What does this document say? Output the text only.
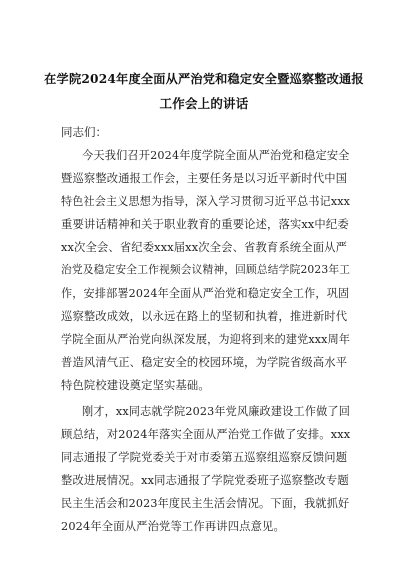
在学院2024年度全面从严治党和稳定安全暨巡察整改通报
工作会上的讲话
同志们：
今天我们召开2024年度学院全面从严治党和稳定安全
暨巡察整改通报工作会，主要任务是以习近平新时代中国
特色社会主义思想为指导，深入学习贯彻习近平总书记xxx
重要讲话精神和关于职业教育的重要论述，落实xx中纪委
xx次全会、省纪委xxx届xx次全会、省教育系统全面从严
治党及稳定安全工作视频会议精神，回顾总结学院2023年工
作，安排部署2024年全面从严治党和稳定安全工作，巩固
巡察整改成效，以永远在路上的坚韧和执着，推进新时代
学院全面从严治党向纵深发展，为迎将到来的建党xxx周年
普造风清气正、稳定安全的校园环境，为学院省级高水平
特色院校建设奠定坚实基础。
刚才，xx同志就学院2023年党风廉政建设工作做了回
顾总结，对2024年落实全面从严治党工作做了安排。xxx
同志通报了学院党委关于对市委第五巡察组巡察反馈问题
整改进展情况。xx同志通报了学院党委班子巡察整改专题
民主生活会和2023年度民主生活会情况。下面，我就抓好
2024年全面从严治党等工作再讲四点意见。
